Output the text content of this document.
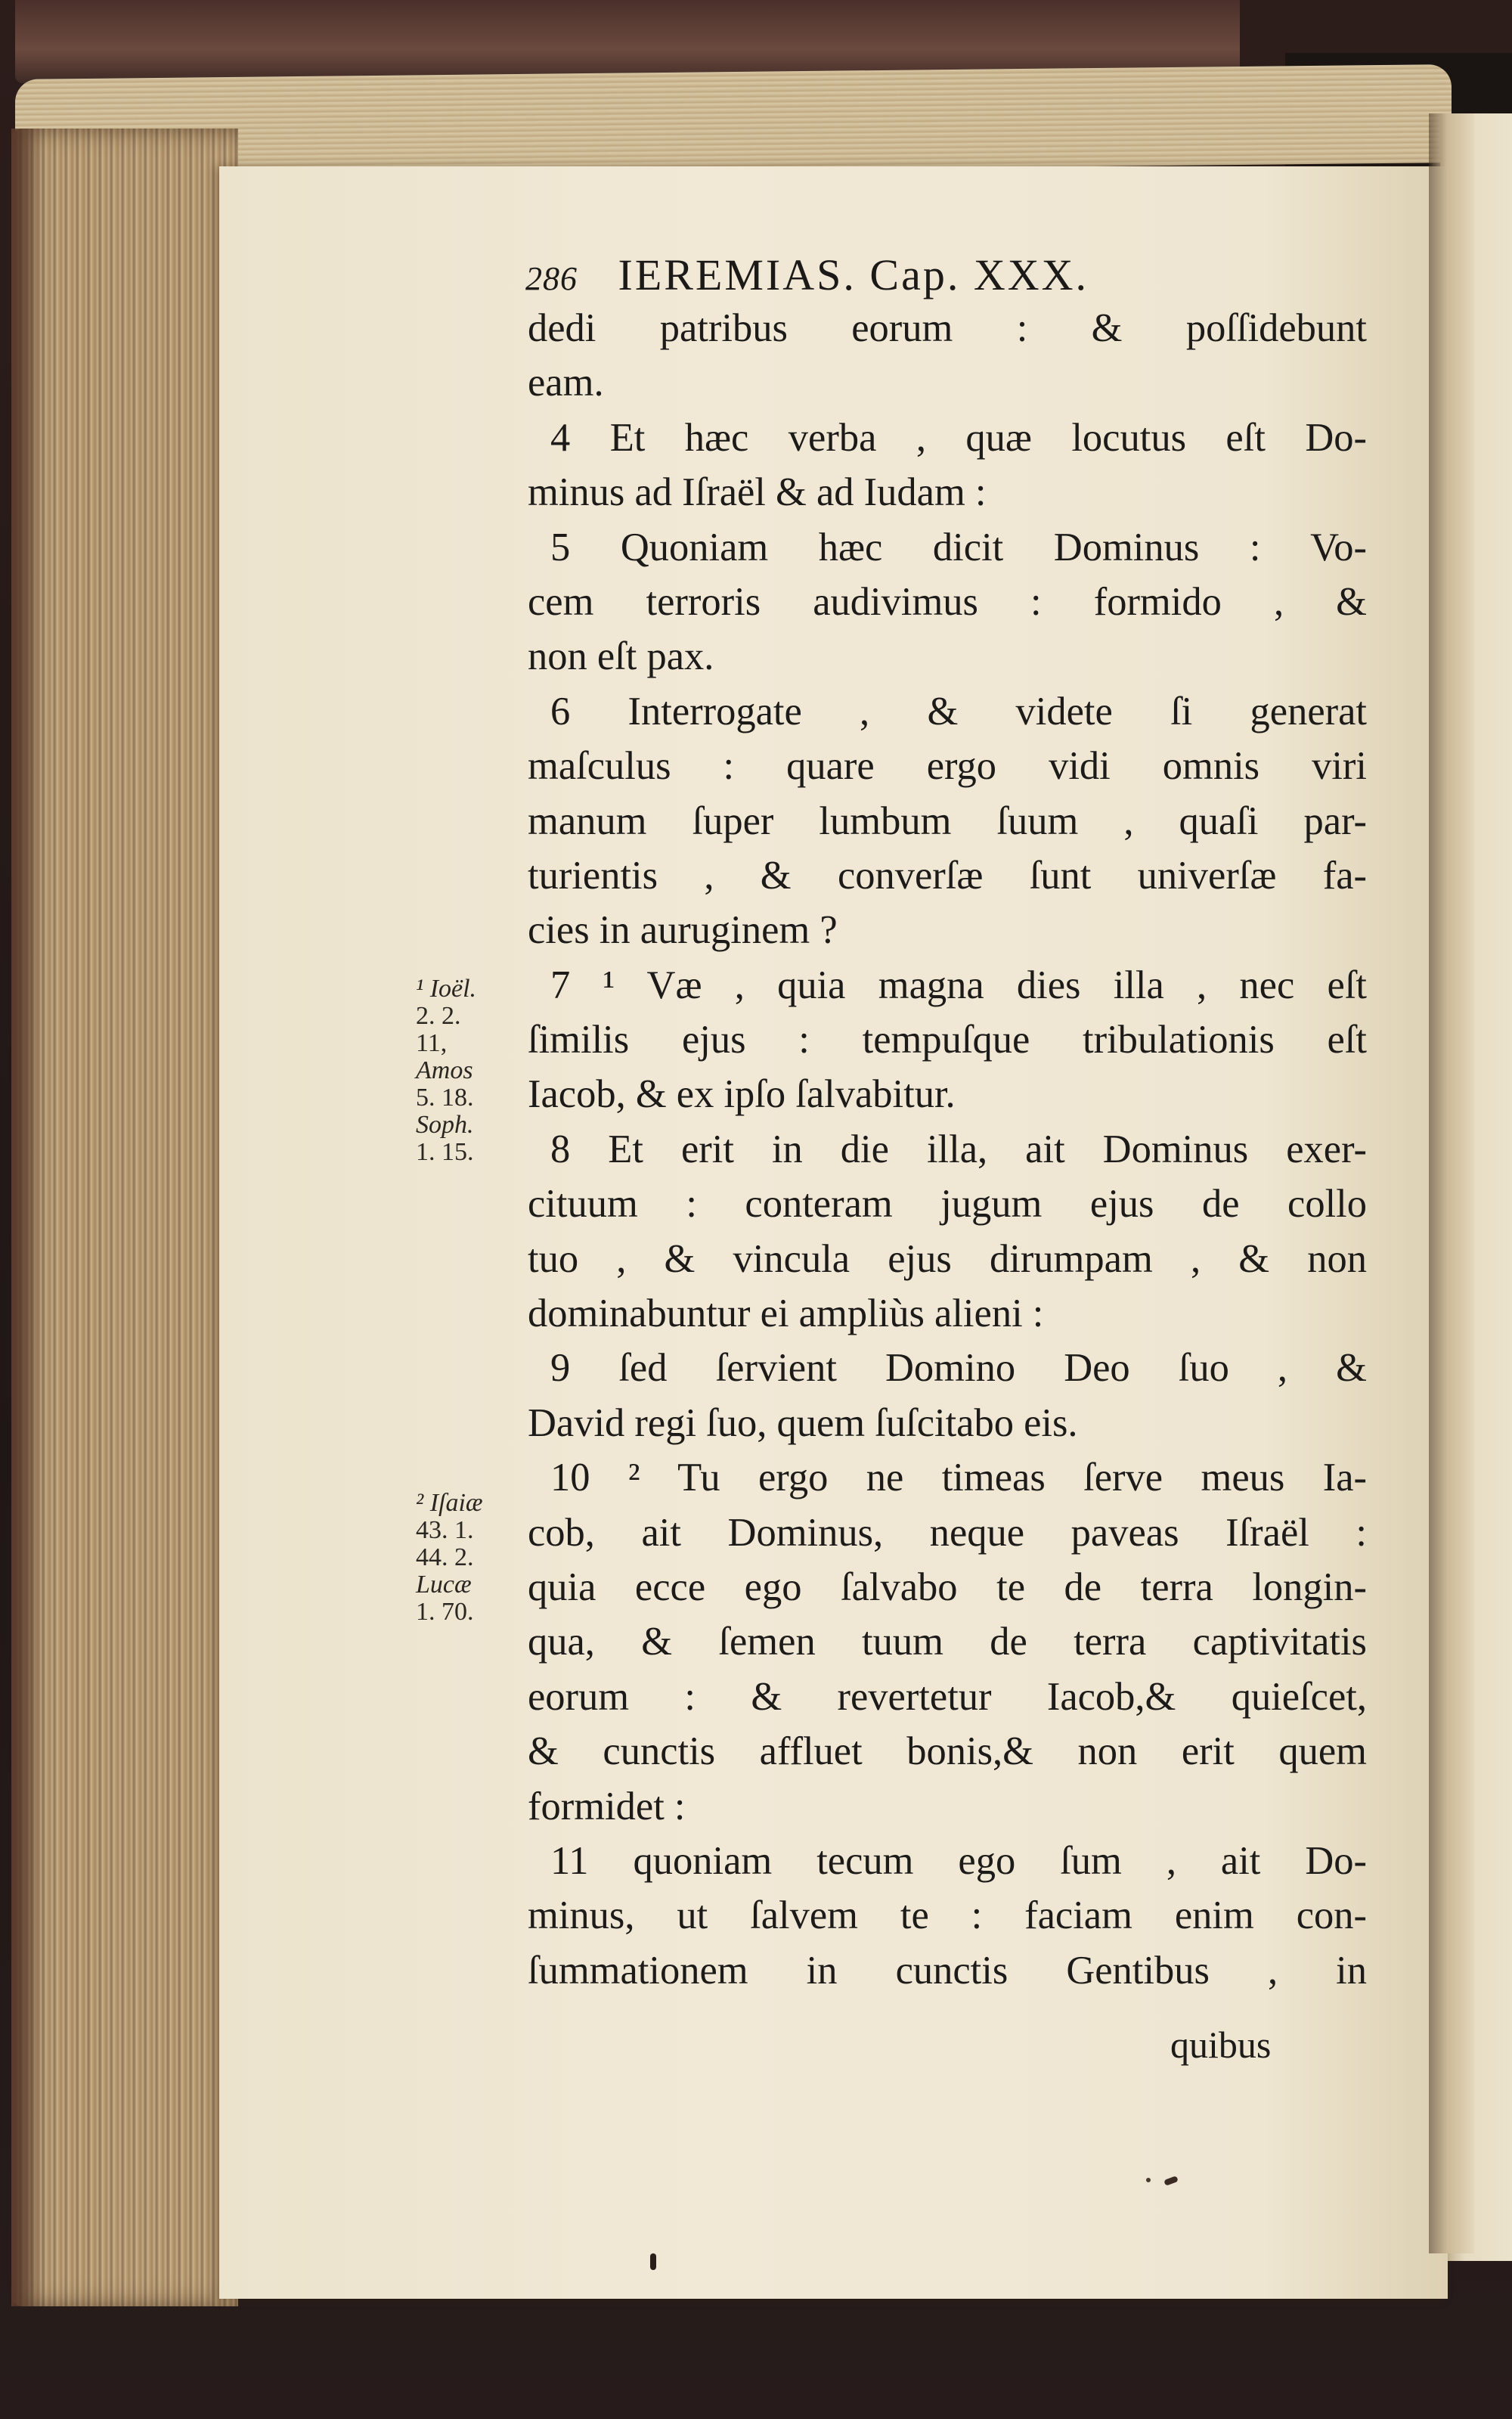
286 IEREMIAS. Cap. XXX.
dedi patribus eorum : & poſſidebunt
eam.
4 Et hæc verba , quæ locutus eſt Do-
minus ad Iſraël & ad Iudam :
5 Quoniam hæc dicit Dominus : Vo-
cem terroris audivimus : formido , &
non eſt pax.
6 Interrogate , & videte ſi generat
maſculus : quare ergo vidi omnis viri
manum ſuper lumbum ſuum , quaſi par-
turientis , & converſæ ſunt univerſæ fa-
cies in auruginem ?
7 ¹ Væ , quia magna dies illa , nec eſt
ſimilis ejus : tempuſque tribulationis eſt
Iacob, & ex ipſo ſalvabitur.
8 Et erit in die illa, ait Dominus exer-
cituum : conteram jugum ejus de collo
tuo , & vincula ejus dirumpam , & non
dominabuntur ei ampliùs alieni :
9 ſed ſervient Domino Deo ſuo , &
David regi ſuo, quem ſuſcitabo eis.
10 ² Tu ergo ne timeas ſerve meus Ia-
cob, ait Dominus, neque paveas Iſraël :
quia ecce ego ſalvabo te de terra longin-
qua, & ſemen tuum de terra captivitatis
eorum : & revertetur Iacob,& quieſcet,
& cunctis affluet bonis,& non erit quem
formidet :
11 quoniam tecum ego ſum , ait Do-
minus, ut ſalvem te : faciam enim con-
ſummationem in cunctis Gentibus , in
quibus
¹ Ioël.
2. 2.
11,
Amos
5. 18.
Soph.
1. 15.
² Iſaiæ
43. 1.
44. 2.
Lucæ
1. 70.
